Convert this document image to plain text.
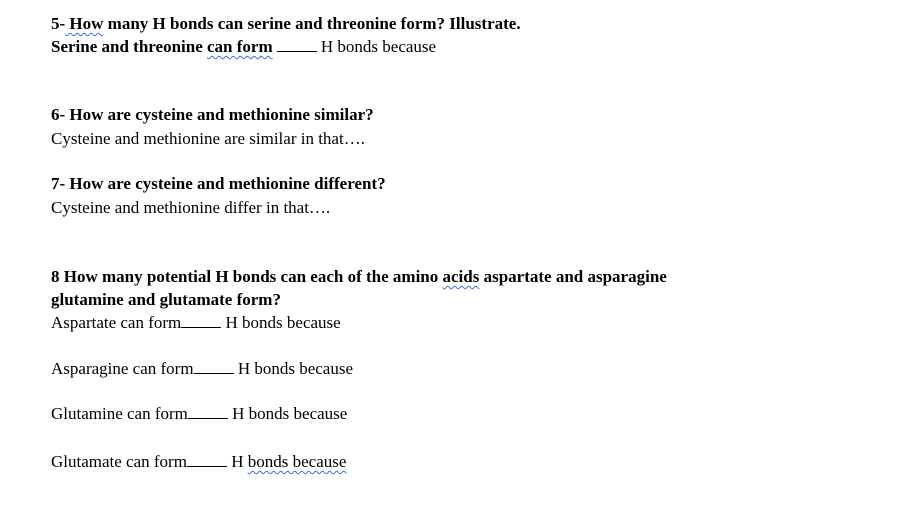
5- How many H bonds can serine and threonine form? Illustrate.
Serine and threonine can form	H bonds because
6- How are cysteine and methionine similar?
Cysteine and methionine are similar in that….
7- How are cysteine and methionine different?
Cysteine and methionine differ in that….
8 How many potential H bonds can each of the amino acids aspartate and asparagine
glutamine and glutamate form?
Aspartate can form H bonds because
Asparagine can form H bonds because
Glutamine can form H bonds because
Glutamate can form H bonds because
